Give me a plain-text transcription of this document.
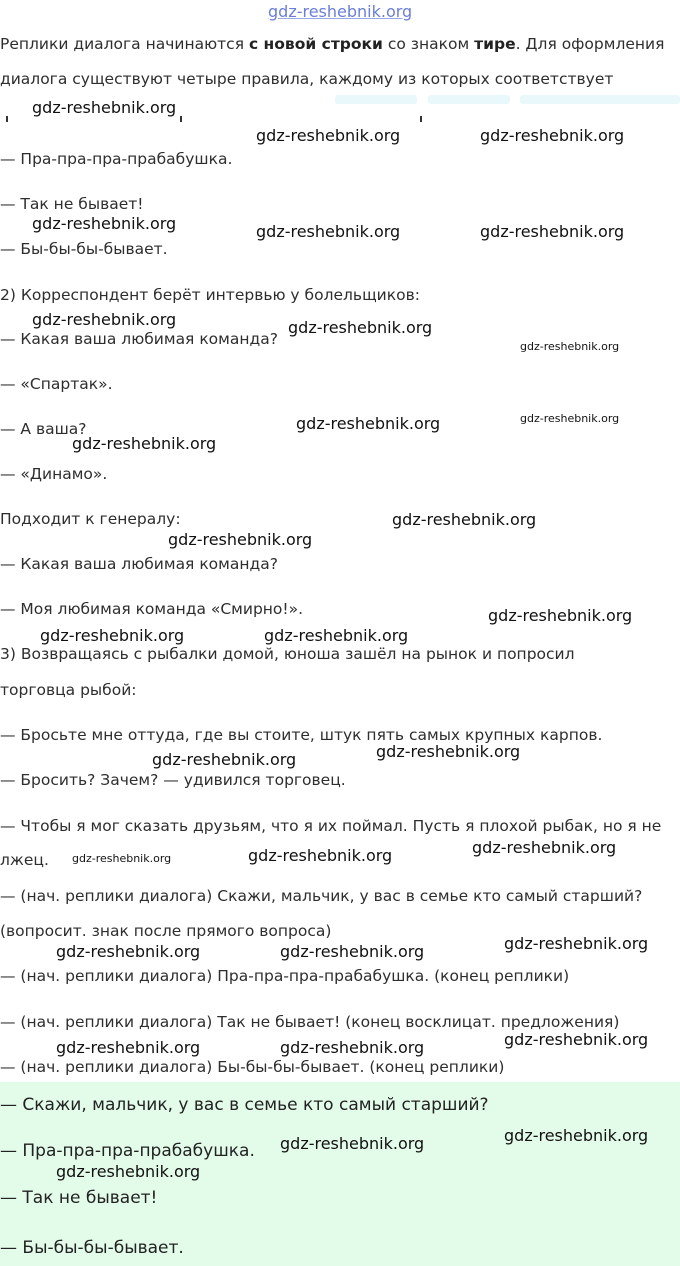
gdz-reshebnik.org
Реплики диалога начинаются с новой строки со знаком тире. Для оформления
диалога существуют четыре правила, каждому из которых соответствует
— Пра-пра-пра-прабабушка.
— Так не бывает!
— Бы-бы-бы-бывает.
2) Корреспондент берёт интервью у болельщиков:
— Какая ваша любимая команда?
— «Спартак».
— А ваша?
— «Динамо».
Подходит к генералу:
— Какая ваша любимая команда?
— Моя любимая команда «Смирно!».
3) Возвращаясь с рыбалки домой, юноша зашёл на рынок и попросил
торговца рыбой:
— Бросьте мне оттуда, где вы стоите, штук пять самых крупных карпов.
— Бросить? Зачем? — удивился торговец.
— Чтобы я мог сказать друзьям, что я их поймал. Пусть я плохой рыбак, но я не
лжец.
— (нач. реплики диалога) Скажи, мальчик, у вас в семье кто самый старший?
(вопросит. знак после прямого вопроса)
— (нач. реплики диалога) Пра-пра-пра-прабабушка. (конец реплики)
— (нач. реплики диалога) Так не бывает! (конец восклицат. предложения)
— (нач. реплики диалога) Бы-бы-бы-бывает. (конец реплики)
— Скажи, мальчик, у вас в семье кто самый старший?
— Пра-пра-пра-прабабушка.
— Так не бывает!
— Бы-бы-бы-бывает.
gdz-reshebnik.org
gdz-reshebnik.org	gdz-reshebnik.org
gdz-reshebnik.org	gdz-reshebnik.org	gdz-reshebnik.org
gdz-reshebnik.org	gdz-reshebnik.org
gdz-reshebnik.org
gdz-reshebnik.org	gdz-reshebnik.org
gdz-reshebnik.org
gdz-reshebnik.org
gdz-reshebnik.org
gdz-reshebnik.org
gdz-reshebnik.org	gdz-reshebnik.org
gdz-reshebnik.org
gdz-reshebnik.org
gdz-reshebnik.org
gdz-reshebnik.org	gdz-reshebnik.org
gdz-reshebnik.org
gdz-reshebnik.org	gdz-reshebnik.org
gdz-reshebnik.org
gdz-reshebnik.org	gdz-reshebnik.org
gdz-reshebnik.org
gdz-reshebnik.org
gdz-reshebnik.org
